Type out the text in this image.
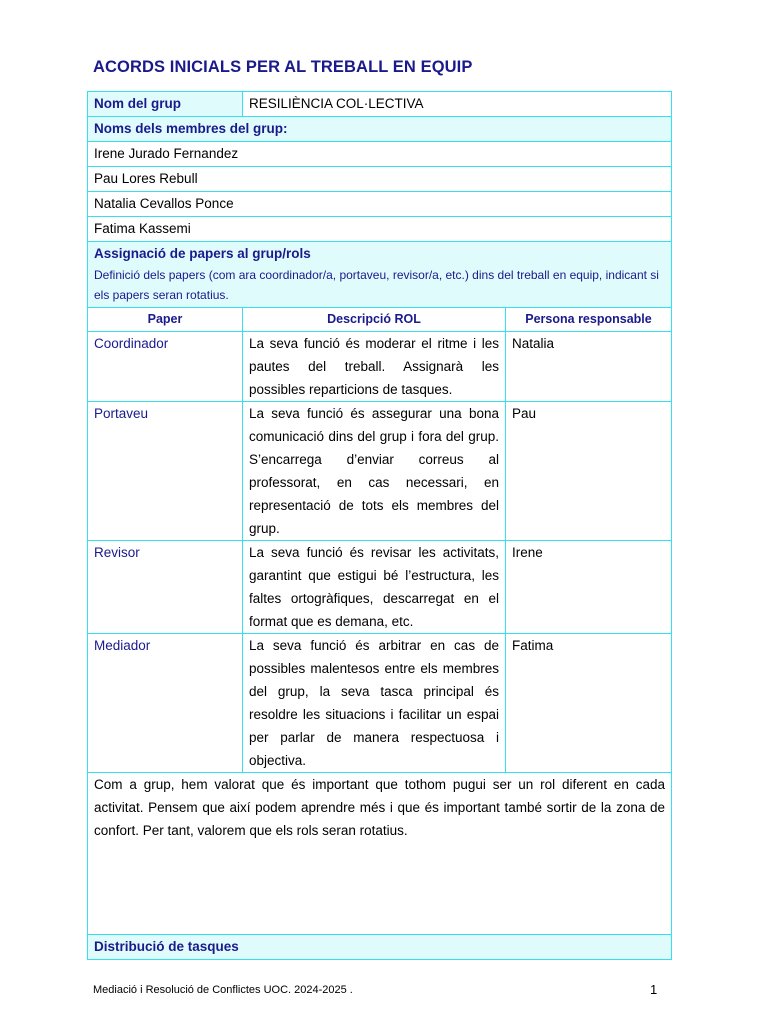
ACORDS INICIALS PER AL TREBALL EN EQUIP
Nom del grup	RESILIÈNCIA COL·LECTIVA	
Noms dels membres del grup:		
Irene Jurado Fernandez		
Pau Lores Rebull		
Natalia Cevallos Ponce		
Fatima Kassemi		

Assignació de papers al grup/rols
Definició dels papers (com ara coordinador/a, portaveu, revisor/a, etc.) dins del treball en equip, indicant si els papers seran rotatius.		

Paper	Descripció ROL	Persona responsable
Coordinador	La seva funció és moderar el ritme i les pautes del treball. Assignarà les possibles reparticions de tasques.	Natalia
Portaveu	La seva funció és assegurar una bona comunicació dins del grup i fora del grup. S’encarrega d’enviar correus al professorat, en cas necessari, en representació de tots els membres del grup.	Pau
Revisor	La seva funció és revisar les activitats, garantint que estigui bé l’estructura, les faltes ortogràfiques, descarregat en el format que es demana, etc.	Irene
Mediador	La seva funció és arbitrar en cas de possibles malentesos entre els membres del grup, la seva tasca principal és resoldre les situacions i facilitar un espai per parlar de manera respectuosa i objectiva.	Fatima
Com a grup, hem valorat que és important que tothom pugui ser un rol diferent en cada activitat. Pensem que així podem aprendre més i que és important també sortir de la zona de confort. Per tant, valorem que els rols seran rotatius.		
Distribució de tasques		
Mediació i Resolució de Conflictes UOC. 2024-2025 .	1
